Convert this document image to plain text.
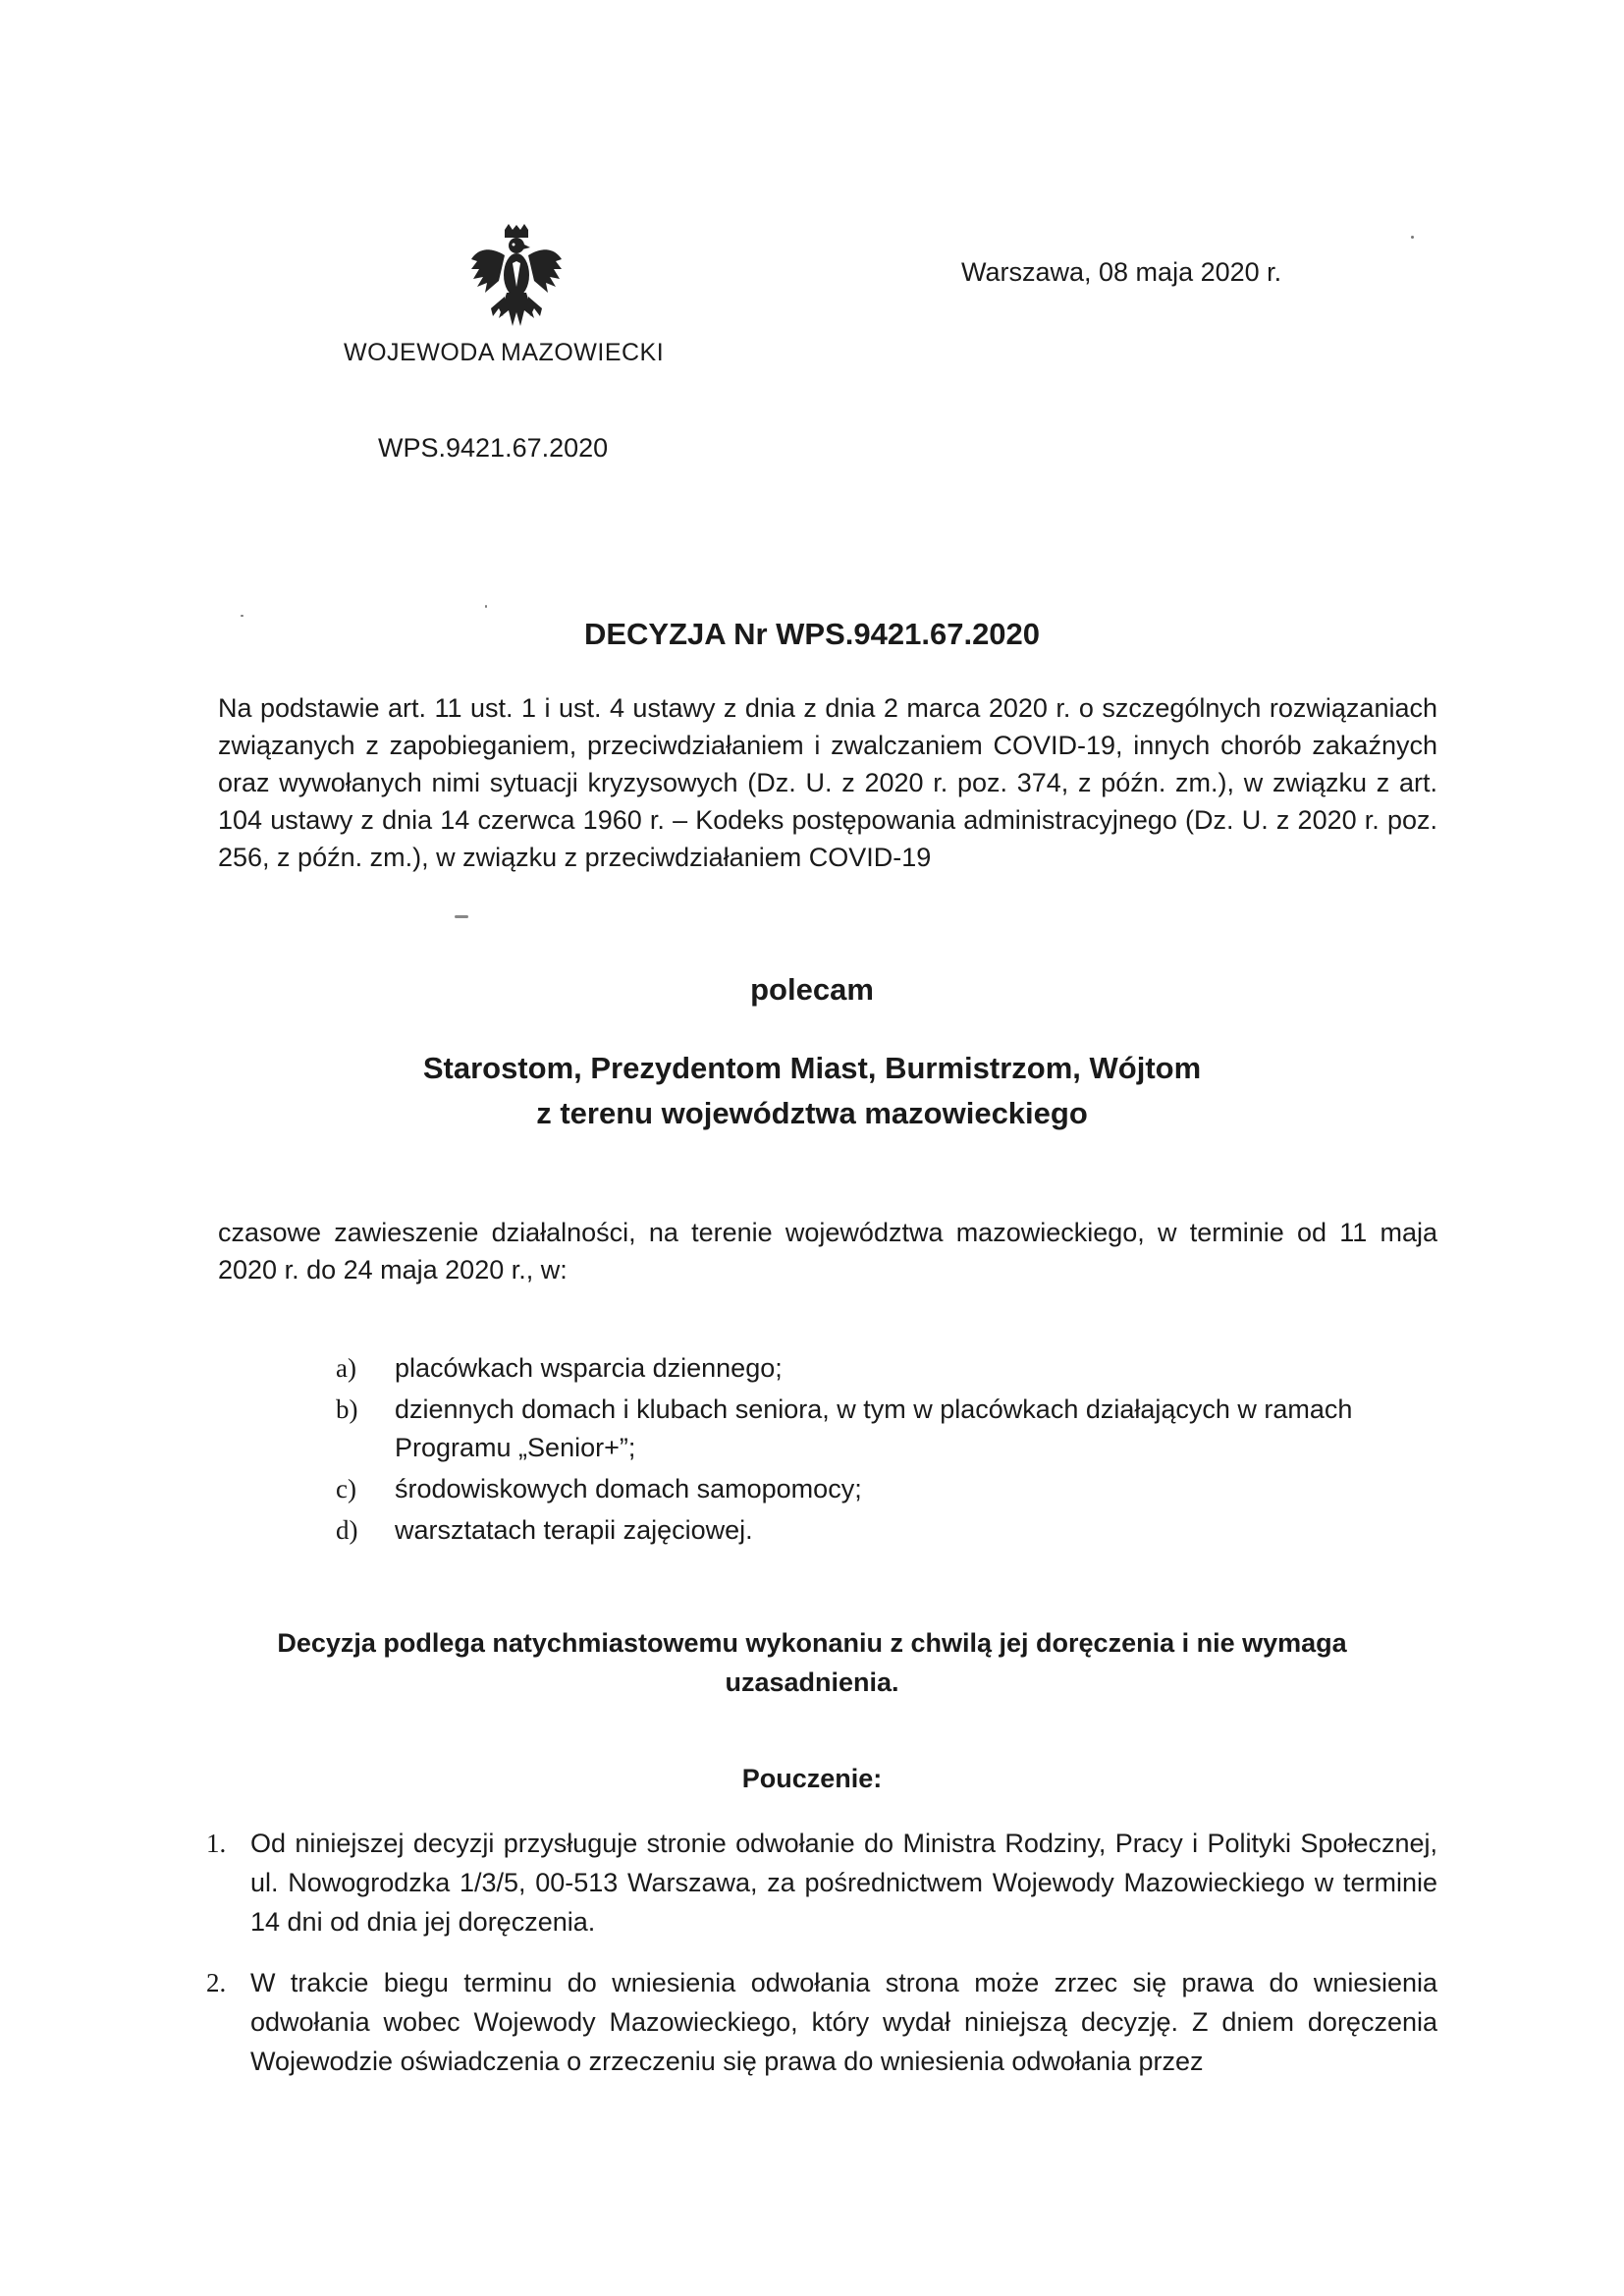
WOJEWODA MAZOWIECKI
Warszawa, 08 maja 2020 r.
WPS.9421.67.2020
DECYZJA Nr WPS.9421.67.2020
Na podstawie art. 11 ust. 1 i ust. 4 ustawy z dnia z dnia 2 marca 2020 r. o szczególnych rozwiązaniach związanych z zapobieganiem, przeciwdziałaniem i zwalczaniem COVID-19, innych chorób zakaźnych oraz wywołanych nimi sytuacji kryzysowych (Dz. U. z 2020 r. poz. 374, z późn. zm.), w związku z art. 104 ustawy z dnia 14 czerwca 1960 r. – Kodeks postępowania administracyjnego (Dz. U. z 2020 r. poz. 256, z późn. zm.), w związku z przeciwdziałaniem COVID-19
polecam
Starostom, Prezydentom Miast, Burmistrzom, Wójtom
z terenu województwa mazowieckiego
czasowe zawieszenie działalności, na terenie województwa mazowieckiego, w terminie od 11 maja 2020 r. do 24 maja 2020 r., w:
a)	placówkach wsparcia dziennego;
b)	dziennych domach i klubach seniora, w tym w placówkach działających w ramach Programu „Senior+”;
c)	środowiskowych domach samopomocy;
d)	warsztatach terapii zajęciowej.
Decyzja podlega natychmiastowemu wykonaniu z chwilą jej doręczenia i nie wymaga
uzasadnienia.
Pouczenie:
1. Od niniejszej decyzji przysługuje stronie odwołanie do Ministra Rodziny, Pracy i Polityki Społecznej, ul. Nowogrodzka 1/3/5, 00-513 Warszawa, za pośrednictwem Wojewody Mazowieckiego w terminie 14 dni od dnia jej doręczenia.
2. W trakcie biegu terminu do wniesienia odwołania strona może zrzec się prawa do wniesienia odwołania wobec Wojewody Mazowieckiego, który wydał niniejszą decyzję. Z dniem doręczenia Wojewodzie oświadczenia o zrzeczeniu się prawa do wniesienia odwołania przez
